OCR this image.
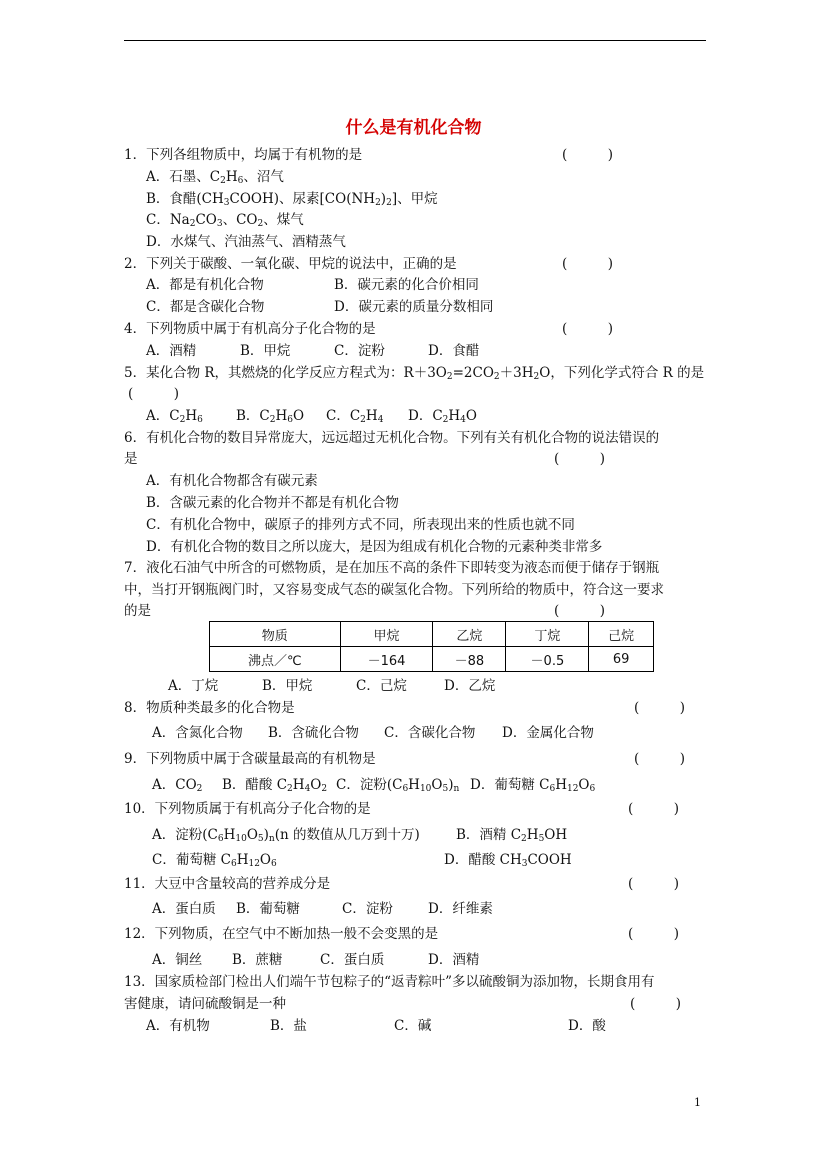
什么是有机化合物
1．下列各组物质中，均属于有机物的是	(　　　)
A．石墨、$C_2H_6$、沼气
B．食醋$(CH_3COOH)$、尿素$[CO(NH_2)_2]$、甲烷
C．$Na_2CO_3$、$CO_2$、煤气
D．水煤气、汽油蒸气、酒精蒸气
2．下列关于碳酸、一氧化碳、甲烷的说法中，正确的是	(　　　)
A．都是有机化合物	B．碳元素的化合价相同
C．都是含碳化合物	D．碳元素的质量分数相同
4．下列物质中属于有机高分子化合物的是	(　　　)
A．酒精	B．甲烷	C．淀粉	D．食醋
5．某化合物 R，其燃烧的化学反应方程式为：$R+3O_2=2CO_2+3H_2O$，下列化学式符合 R 的是
(　　　)
A．$C_2H_6$ B．$C_2H_6O$ C．$C_2H_4$ D．$C_2H_4O$
6．有机化合物的数目异常庞大，远远超过无机化合物。下列有关有机化合物的说法错误的
是	(　　　)
A．有机化合物都含有碳元素
B．含碳元素的化合物并不都是有机化合物
C．有机化合物中，碳原子的排列方式不同，所表现出来的性质也就不同
D．有机化合物的数目之所以庞大，是因为组成有机化合物的元素种类非常多
7．液化石油气中所含的可燃物质，是在加压不高的条件下即转变为液态而便于储存于钢瓶
中，当打开钢瓶阀门时，又容易变成气态的碳氢化合物。下列所给的物质中，符合这一要求
的是	(　　　)
物质	甲烷	乙烷	丁烷	己烷
沸点／℃	－164	－88	－0.5	69
A．丁烷	B．甲烷	C．己烷	D．乙烷
8．物质种类最多的化合物是	(　　　)
A．含氮化合物 B．含硫化合物 C．含碳化合物 D．金属化合物
9．下列物质中属于含碳量最高的有机物是	(　　　)
A．$CO_2$ B．醋酸 $C_2H_4O_2$ C．淀粉$(C_6H_{10}O_5)_n$ D．葡萄糖 $C_6H_{12}O_6$
10．下列物质属于有机高分子化合物的是	(　　　)
A．淀粉$(C_6H_{10}O_5)_n(n$ 的数值从几万到十万)	B．酒精 $C_2H_5OH$
C．葡萄糖 $C_6H_{12}O_6$	D．醋酸 $CH_3COOH$
11．大豆中含量较高的营养成分是	(　　　)
A．蛋白质 B．葡萄糖	C．淀粉	D．纤维素
12．下列物质，在空气中不断加热一般不会变黑的是	(　　　)
A．铜丝 B．蔗糖	C．蛋白质	D．酒精
13．国家质检部门检出人们端午节包粽子的“返青粽叶”多以硫酸铜为添加物，长期食用有
害健康，请问硫酸铜是一种	(　　　)
A．有机物	B．盐	C．碱	D．酸
1
